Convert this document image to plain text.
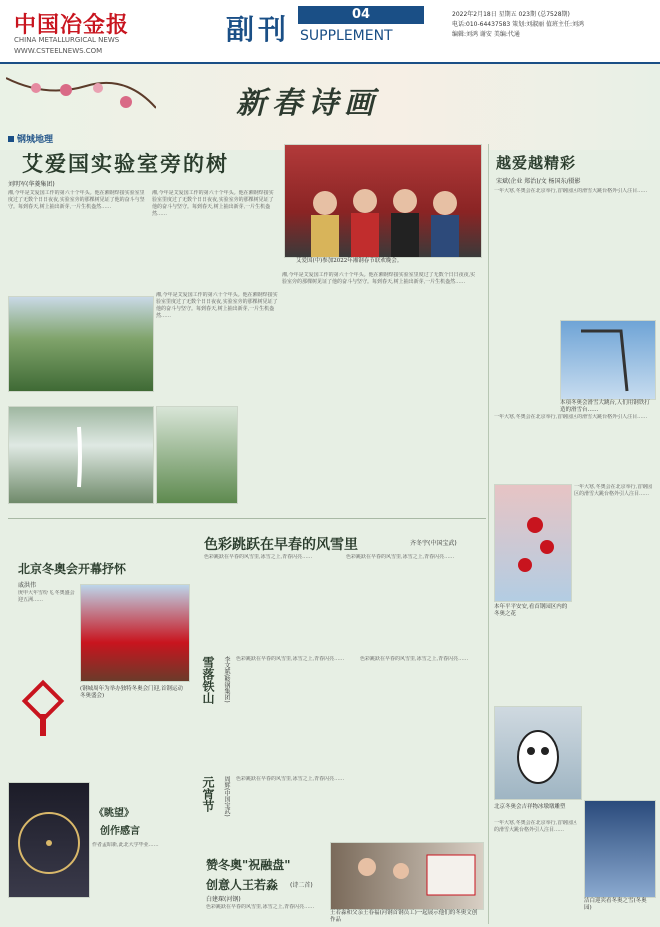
中国冶金报
CHINA METALLURGICAL NEWS
WWW.CSTEELNEWS.COM
副刊	04
SUPPLEMENT
2022年2月18日 星期五 023期 (总7528期)
电话:010-64437583 策划:刘淑丽 值班主任:刘鸿
编辑:刘鸿 谢安 美编:代通
新春诗画
钢城地理
艾爱国实验室旁的树
刘明军(华菱集团)
艾爱国(中)参加2022年湘钢春节联欢晚会。
湘,今年是艾爱国工作的第六十个年头。他在湘钢焊接实验室里度过了无数个日日夜夜,实验室旁的那棵树见证了他的奋斗与坚守。每到春天,树上抽出新芽,一片生机盎然……
湘,今年是艾爱国工作的第六十个年头。他在湘钢焊接实验室里度过了无数个日日夜夜,实验室旁的那棵树见证了他的奋斗与坚守。每到春天,树上抽出新芽,一片生机盎然……
湘,今年是艾爱国工作的第六十个年头。他在湘钢焊接实验室里度过了无数个日日夜夜,实验室旁的那棵树见证了他的奋斗与坚守。每到春天,树上抽出新芽,一片生机盎然……
湘,今年是艾爱国工作的第六十个年头。他在湘钢焊接实验室里度过了无数个日日夜夜,实验室旁的那棵树见证了他的奋斗与坚守。每到春天,树上抽出新芽,一片生机盎然……
越爱越精彩
宋斌(企业 郑治)/文 杨国东/摄影
一年大寒,冬奥会在北京举行,首钢园区的滑雪大跳台格外引人注目……
本项冬奥会滑雪大跳台,人们用钢铁打造的滑雪台……
一年大寒,冬奥会在北京举行,首钢园区的滑雪大跳台格外引人注目……
本年平平安安,看首钢园区内的冬奥之花
一年大寒,冬奥会在北京举行,首钢园区的滑雪大跳台格外引人注目……
北京冬奥会吉祥物冰墩墩雕塑
洁白迎宾看冬奥之雪(冬奥园)
一年大寒,冬奥会在北京举行,首钢园区的滑雪大跳台格外引人注目……
北京冬奥会开幕抒怀
戚洪伟
庚申大年雪纷飞,冬奥盛会迎五洲……
(钢城周年为举办独特冬奥会门迎,首钢运动冬奥盛会)
《眺望》
创作感言
作者孟昭新,此北大学毕业……
色彩跳跃在早春的风雪里	齐冬宇(中国宝武)
色彩跳跃在早春的风雪里,冰雪之上,青春闪亮……	色彩跳跃在早春的风雪里,冰雪之上,青春闪亮……
雪落铁山	李文斌(鞍钢集团) 色彩跳跃在早春的风雪里,冰雪之上,青春闪亮……
元宵节	周辉(中国宝武) 色彩跳跃在早春的风雪里,冰雪之上,青春闪亮……
色彩跳跃在早春的风雪里,冰雪之上,青春闪亮……
赞冬奥"祝融盘"
创意人王若淼 (诗二首)
白建琛(河钢)
色彩跳跃在早春的风雪里,冰雪之上,青春闪亮……
王若淼和父亲王春福(河钢首钢员工)一起展示他们的冬奥文创作品
